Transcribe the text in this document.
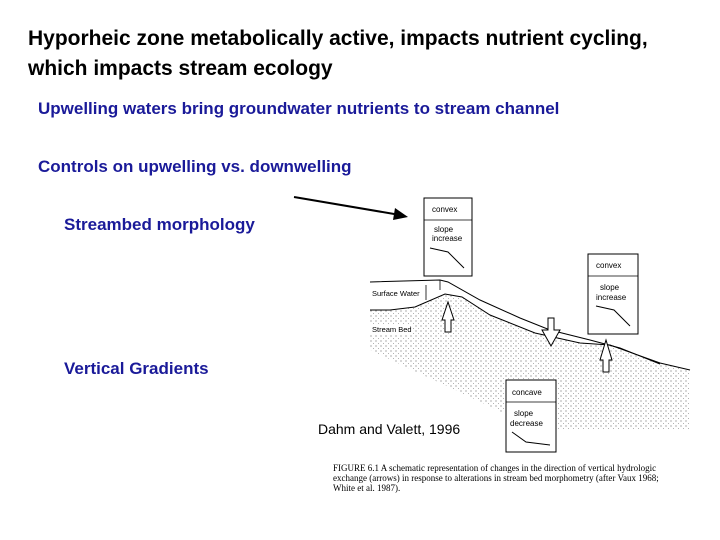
Hyporheic zone metabolically active, impacts nutrient cycling, which impacts stream ecology
Upwelling waters bring groundwater nutrients to stream channel
Controls on upwelling vs. downwelling
Streambed morphology
Vertical Gradients
Surface Water
Stream Bed
convex
slope
increase
convex
slope
increase
concave
slope
decrease
Dahm and Valett, 1996
FIGURE 6.1 A schematic representation of changes in the direction of vertical hydrologic
exchange (arrows) in response to alterations in stream bed morphometry (after Vaux 1968;
White et al. 1987).
